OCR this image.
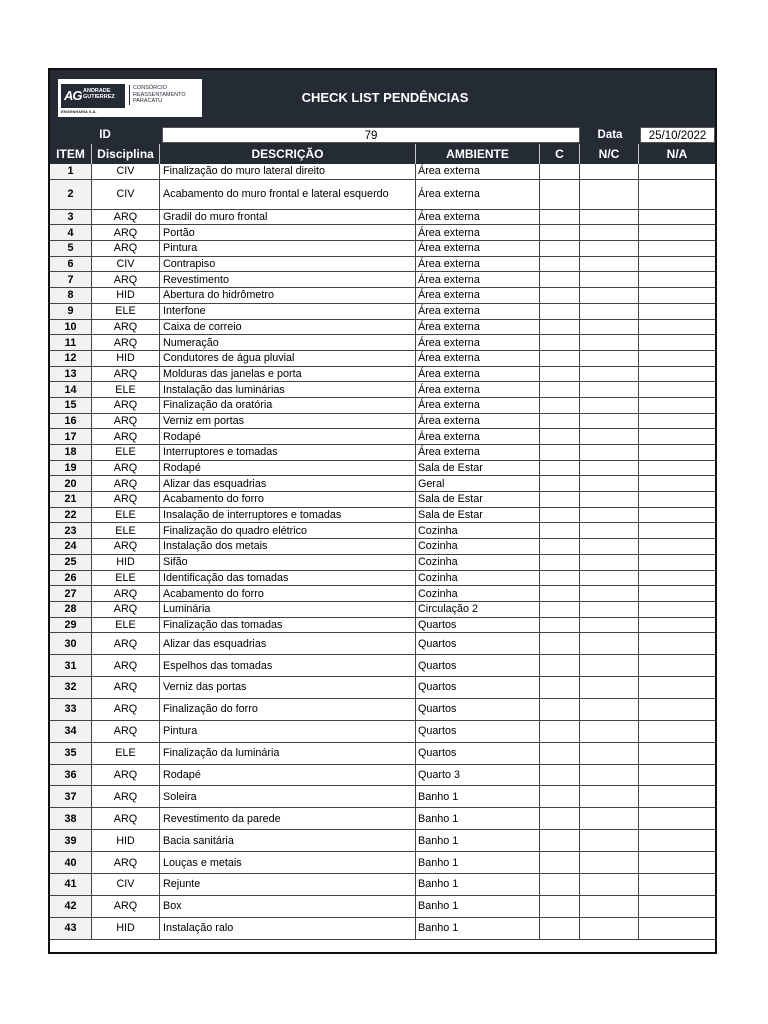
AG ANDRADE
GUTIERREZ
ENGENHARIA S.A.
CONSÓRCIO
REASSENTAMENTO
PARACATU	CHECK LIST PENDÊNCIAS
ID	79	Data	25/10/2022
ITEM	Disciplina	DESCRIÇÃO	AMBIENTE	C	N/C	N/A
1	CIV	Finalização do muro lateral direito	Área externa
2	CIV	Acabamento do muro frontal e lateral esquerdo	Área externa
3	ARQ	Gradil do muro frontal	Área externa
4	ARQ	Portão	Área externa
5	ARQ	Pintura	Área externa
6	CIV	Contrapiso	Área externa
7	ARQ	Revestimento	Área externa
8	HID	Abertura do hidrômetro	Área externa
9	ELE	Interfone	Área externa
10	ARQ	Caixa de correio	Área externa
11	ARQ	Numeração	Área externa
12	HID	Condutores de água pluvial	Área externa
13	ARQ	Molduras das janelas e porta	Área externa
14	ELE	Instalação das luminárias	Área externa
15	ARQ	Finalização da oratória	Área externa
16	ARQ	Verniz em portas	Área externa
17	ARQ	Rodapé	Área externa
18	ELE	Interruptores e tomadas	Área externa
19	ARQ	Rodapé	Sala de Estar
20	ARQ	Alizar das esquadrias	Geral
21	ARQ	Acabamento do forro	Sala de Estar
22	ELE	Insalação de interruptores e tomadas	Sala de Estar
23	ELE	Finalização do quadro elétrico	Cozinha
24	ARQ	Instalação dos metais	Cozinha
25	HID	Sifão	Cozinha
26	ELE	Identificação das tomadas	Cozinha
27	ARQ	Acabamento do forro	Cozinha
28	ARQ	Luminária	Circulação 2
29	ELE	Finalização das tomadas	Quartos
30	ARQ	Alizar das esquadrias	Quartos
31	ARQ	Espelhos das tomadas	Quartos
32	ARQ	Verniz das portas	Quartos
33	ARQ	Finalização do forro	Quartos
34	ARQ	Pintura	Quartos
35	ELE	Finalização da luminária	Quartos
36	ARQ	Rodapé	Quarto 3
37	ARQ	Soleira	Banho 1
38	ARQ	Revestimento da parede	Banho 1
39	HID	Bacia sanitária	Banho 1
40	ARQ	Louças e metais	Banho 1
41	CIV	Rejunte	Banho 1
42	ARQ	Box	Banho 1
43	HID	Instalação ralo	Banho 1
